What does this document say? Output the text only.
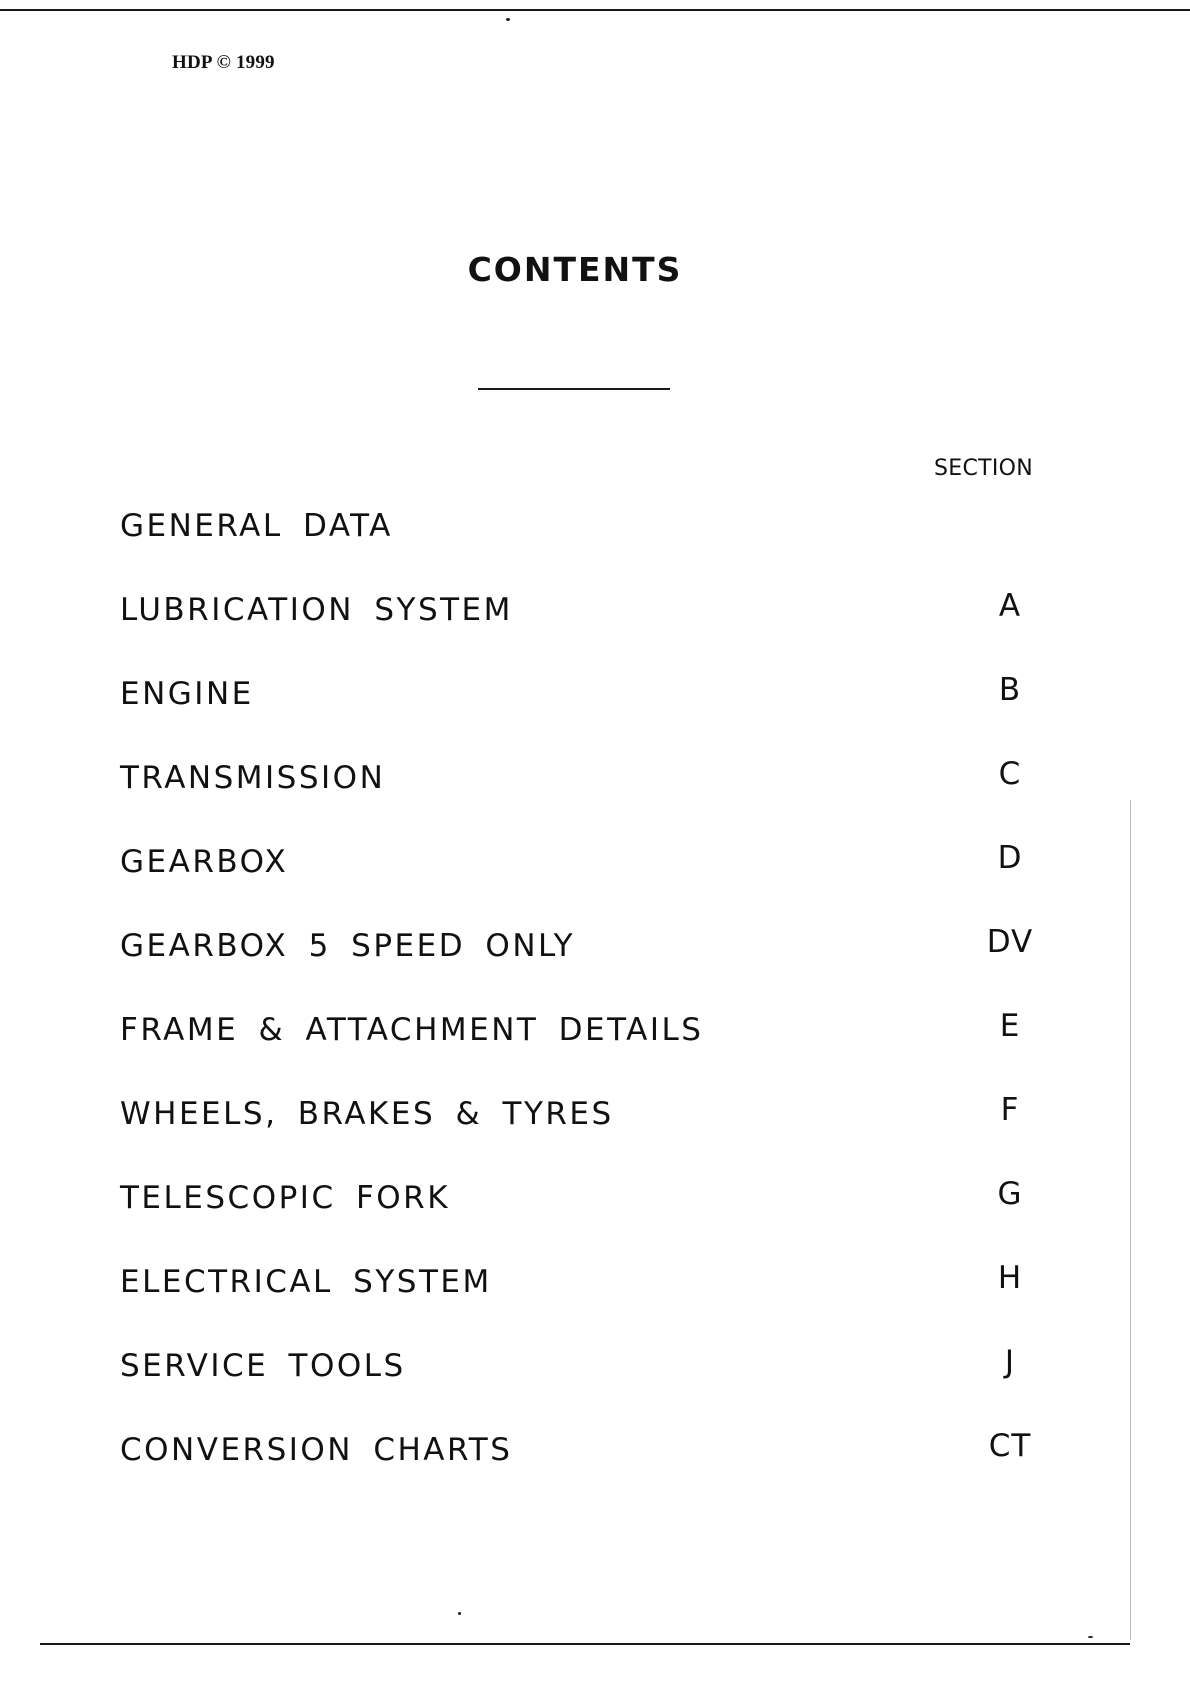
HDP © 1999
CONTENTS
SECTION
GENERAL DATA
LUBRICATION SYSTEM	A
ENGINE	B
TRANSMISSION	C
GEARBOX	D
GEARBOX 5 SPEED ONLY	DV
FRAME & ATTACHMENT DETAILS	E
WHEELS, BRAKES & TYRES	F
TELESCOPIC FORK	G
ELECTRICAL SYSTEM	H
SERVICE TOOLS	J
CONVERSION CHARTS	CT
